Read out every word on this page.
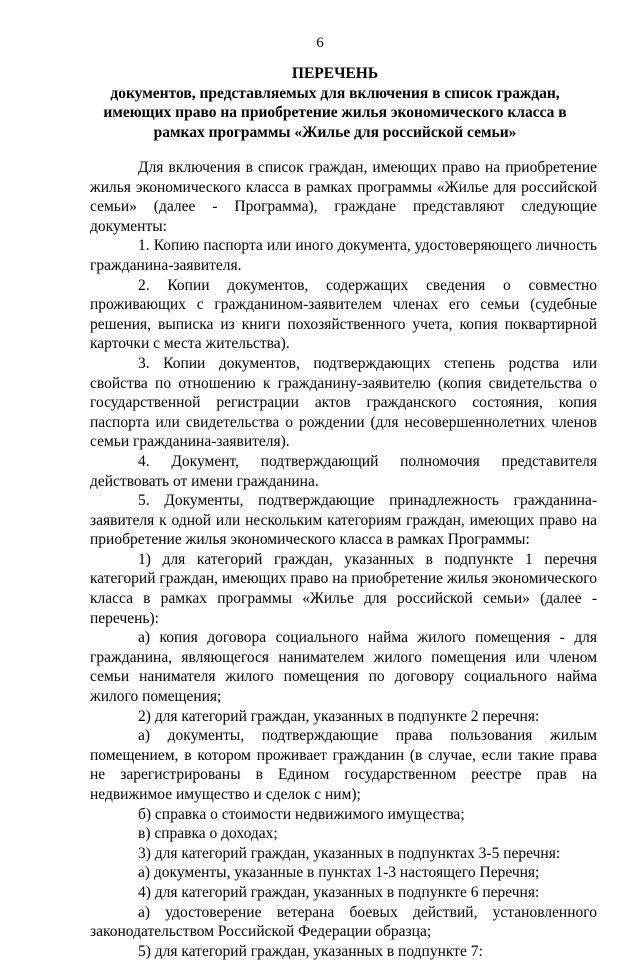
6
ПЕРЕЧЕНЬ
документов, представляемых для включения в список граждан,
имеющих право на приобретение жилья экономического класса в
рамках программы «Жилье для российской семьи»

Для включения в список граждан, имеющих право на приобретение жилья экономического класса в рамках программы «Жилье для российской семьи» (далее - Программа), граждане представляют следующие документы:

1. Копию паспорта или иного документа, удостоверяющего личность гражданина-заявителя.

2. Копии документов, содержащих сведения о совместно проживающих с гражданином-заявителем членах его семьи (судебные решения, выписка из книги похозяйственного учета, копия поквартирной карточки с места жительства).

3. Копии документов, подтверждающих степень родства или свойства по отношению к гражданину-заявителю (копия свидетельства о государственной регистрации актов гражданского состояния, копия паспорта или свидетельства о рождении (для несовершеннолетних членов семьи гражданина-заявителя).

4. Документ, подтверждающий полномочия представителя действовать от имени гражданина.

5. Документы, подтверждающие принадлежность гражданина-заявителя к одной или нескольким категориям граждан, имеющих право на приобретение жилья экономического класса в рамках Программы:

1) для категорий граждан, указанных в подпункте 1 перечня категорий граждан, имеющих право на приобретение жилья экономического класса в рамках программы «Жилье для российской семьи» (далее - перечень):

а) копия договора социального найма жилого помещения - для гражданина, являющегося нанимателем жилого помещения или членом семьи нанимателя жилого помещения по договору социального найма жилого помещения;

2) для категорий граждан, указанных в подпункте 2 перечня:

а) документы, подтверждающие права пользования жилым помещением, в котором проживает гражданин (в случае, если такие права не зарегистрированы в Едином государственном реестре прав на недвижимое имущество и сделок с ним);

б) справка о стоимости недвижимого имущества;

в) справка о доходах;

3) для категорий граждан, указанных в подпунктах 3-5 перечня:

а) документы, указанные в пунктах 1-3 настоящего Перечня;

4) для категорий граждан, указанных в подпункте 6 перечня:

а) удостоверение ветерана боевых действий, установленного законодательством Российской Федерации образца;

5) для категорий граждан, указанных в подпункте 7:
